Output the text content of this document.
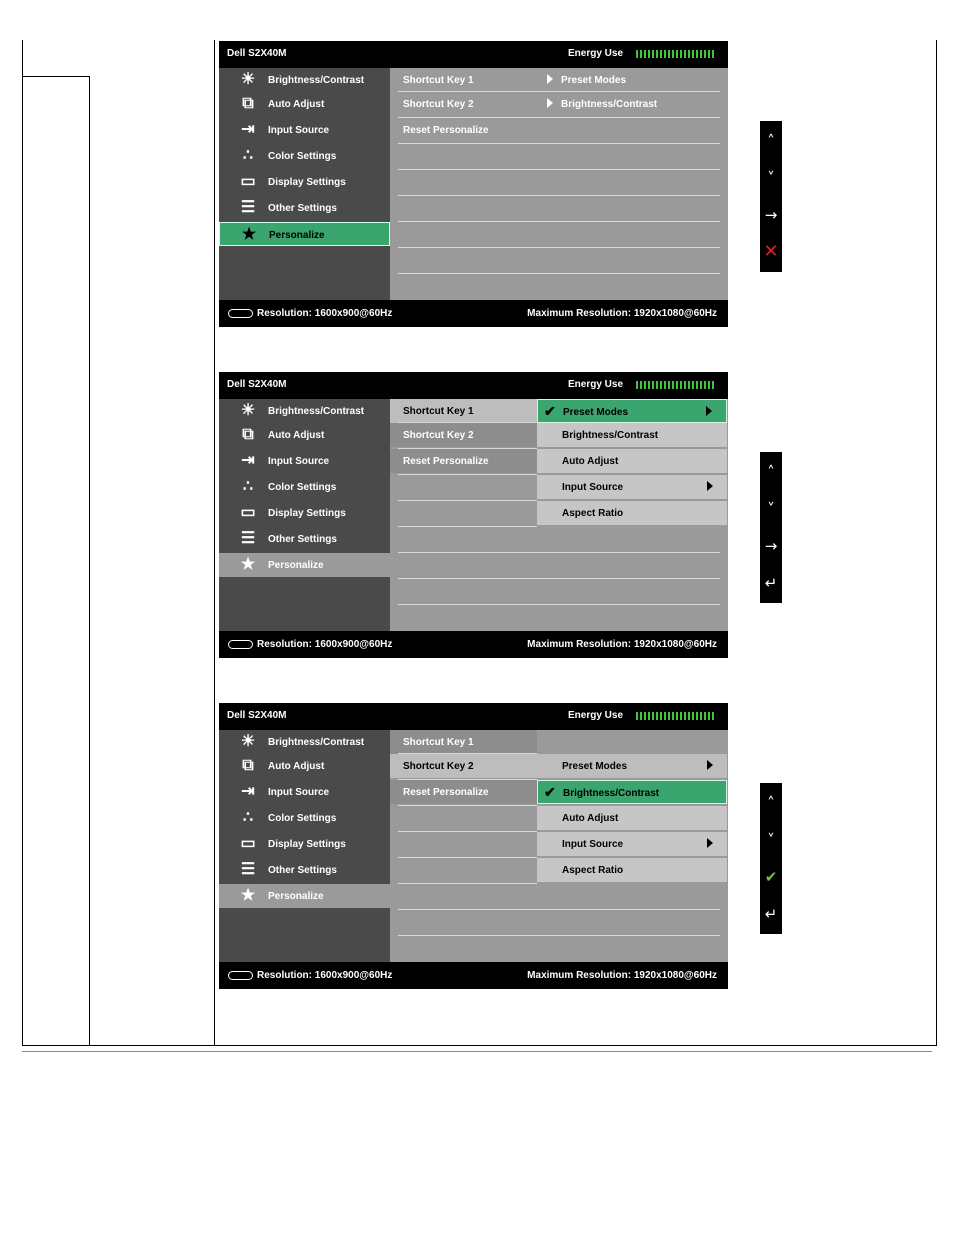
Dell S2X40M	Energy Use
Resolution: 1600x900@60Hz	Maximum Resolution: 1920x1080@60Hz
☀	Brightness/Contrast
⧉	Auto Adjust
⇥	Input Source
∴	Color Settings
▭	Display Settings
☰	Other Settings
★	Personalize
Shortcut Key 1	Preset Modes
Shortcut Key 2	Brightness/Contrast
Reset Personalize
Dell S2X40M	Energy Use
Resolution: 1600x900@60Hz	Maximum Resolution: 1920x1080@60Hz
☀	Brightness/Contrast
⧉	Auto Adjust
⇥	Input Source
∴	Color Settings
▭	Display Settings
☰	Other Settings
★	Personalize
Shortcut Key 1
Shortcut Key 2
Reset Personalize
✔ Preset Modes
Brightness/Contrast
Auto Adjust
Input Source
Aspect Ratio
Dell S2X40M	Energy Use
Resolution: 1600x900@60Hz	Maximum Resolution: 1920x1080@60Hz
☀	Brightness/Contrast
⧉	Auto Adjust
⇥	Input Source
∴	Color Settings
▭	Display Settings
☰	Other Settings
★	Personalize
Shortcut Key 1
Shortcut Key 2
Reset Personalize
Preset Modes
✔ Brightness/Contrast
Auto Adjust
Input Source
Aspect Ratio
˄
˅
→
✕
˄
˅
→
↵
˄
˅
✔
↵
